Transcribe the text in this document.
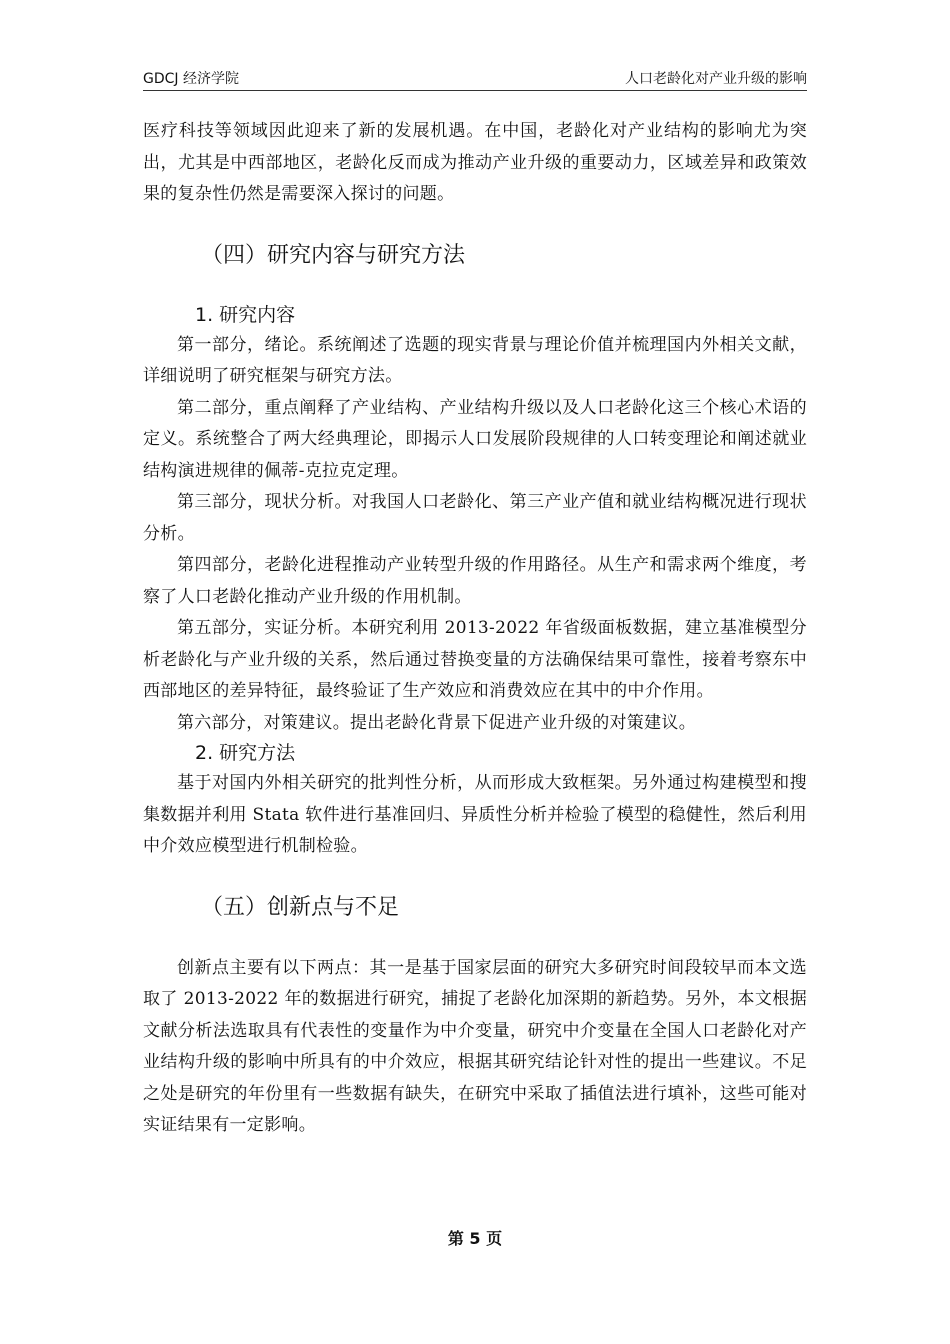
GDCJ 经济学院	人口老龄化对产业升级的影响

医疗科技等领域因此迎来了新的发展机遇。在中国，老龄化对产业结构的影响尤为突出，尤其是中西部地区，老龄化反而成为推动产业升级的重要动力，区域差异和政策效果的复杂性仍然是需要深入探讨的问题。

（四）研究内容与研究方法
1. 研究内容

第一部分，绪论。系统阐述了选题的现实背景与理论价值并梳理国内外相关文献，详细说明了研究框架与研究方法。

第二部分，重点阐释了产业结构、产业结构升级以及人口老龄化这三个核心术语的定义。系统整合了两大经典理论，即揭示人口发展阶段规律的人口转变理论和阐述就业结构演进规律的佩蒂-克拉克定理。

第三部分，现状分析。对我国人口老龄化、第三产业产值和就业结构概况进行现状分析。

第四部分，老龄化进程推动产业转型升级的作用路径。从生产和需求两个维度，考察了人口老龄化推动产业升级的作用机制。

第五部分，实证分析。本研究利用 2013-2022 年省级面板数据，建立基准模型分析老龄化与产业升级的关系，然后通过替换变量的方法确保结果可靠性，接着考察东中西部地区的差异特征，最终验证了生产效应和消费效应在其中的中介作用。

第六部分，对策建议。提出老龄化背景下促进产业升级的对策建议。

2. 研究方法

基于对国内外相关研究的批判性分析，从而形成大致框架。另外通过构建模型和搜集数据并利用 Stata 软件进行基准回归、异质性分析并检验了模型的稳健性，然后利用中介效应模型进行机制检验。

（五）创新点与不足

创新点主要有以下两点：其一是基于国家层面的研究大多研究时间段较早而本文选取了 2013-2022 年的数据进行研究，捕捉了老龄化加深期的新趋势。另外，本文根据文献分析法选取具有代表性的变量作为中介变量，研究中介变量在全国人口老龄化对产业结构升级的影响中所具有的中介效应，根据其研究结论针对性的提出一些建议。不足之处是研究的年份里有一些数据有缺失，在研究中采取了插值法进行填补，这些可能对实证结果有一定影响。

第 5 页
